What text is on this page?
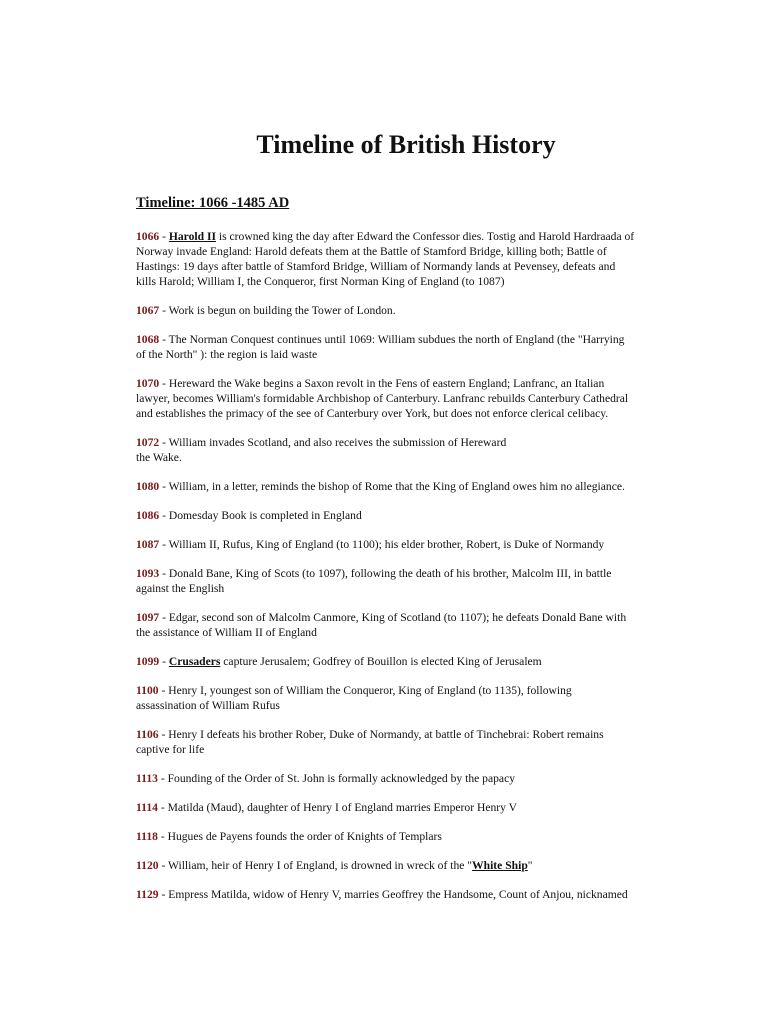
Timeline of British History
Timeline: 1066 -1485 AD

1066 - Harold II is crowned king the day after Edward the Confessor dies. Tostig and Harold Hardraada of
Norway invade England: Harold defeats them at the Battle of Stamford Bridge, killing both; Battle of
Hastings: 19 days after battle of Stamford Bridge, William of Normandy lands at Pevensey, defeats and
kills Harold; William I, the Conqueror, first Norman King of England (to 1087)

1067 - Work is begun on building the Tower of London.

1068 - The Norman Conquest continues until 1069: William subdues the north of England (the "Harrying
of the North" ): the region is laid waste

1070 - Hereward the Wake begins a Saxon revolt in the Fens of eastern England; Lanfranc, an Italian
lawyer, becomes William's formidable Archbishop of Canterbury. Lanfranc rebuilds Canterbury Cathedral
and establishes the primacy of the see of Canterbury over York, but does not enforce clerical celibacy.

1072 - William invades Scotland, and also receives the submission of Hereward
the Wake.

1080 - William, in a letter, reminds the bishop of Rome that the King of England owes him no allegiance.

1086 - Domesday Book is completed in England

1087 - William II, Rufus, King of England (to 1100); his elder brother, Robert, is Duke of Normandy

1093 - Donald Bane, King of Scots (to 1097), following the death of his brother, Malcolm III, in battle
against the English

1097 - Edgar, second son of Malcolm Canmore, King of Scotland (to 1107); he defeats Donald Bane with
the assistance of William II of England

1099 - Crusaders capture Jerusalem; Godfrey of Bouillon is elected King of Jerusalem

1100 - Henry I, youngest son of William the Conqueror, King of England (to 1135), following
assassination of William Rufus

1106 - Henry I defeats his brother Rober, Duke of Normandy, at battle of Tinchebrai: Robert remains
captive for life

1113 - Founding of the Order of St. John is formally acknowledged by the papacy

1114 - Matilda (Maud), daughter of Henry I of England marries Emperor Henry V

1118 - Hugues de Payens founds the order of Knights of Templars

1120 - William, heir of Henry I of England, is drowned in wreck of the "White Ship"

1129 - Empress Matilda, widow of Henry V, marries Geoffrey the Handsome, Count of Anjou, nicknamed
